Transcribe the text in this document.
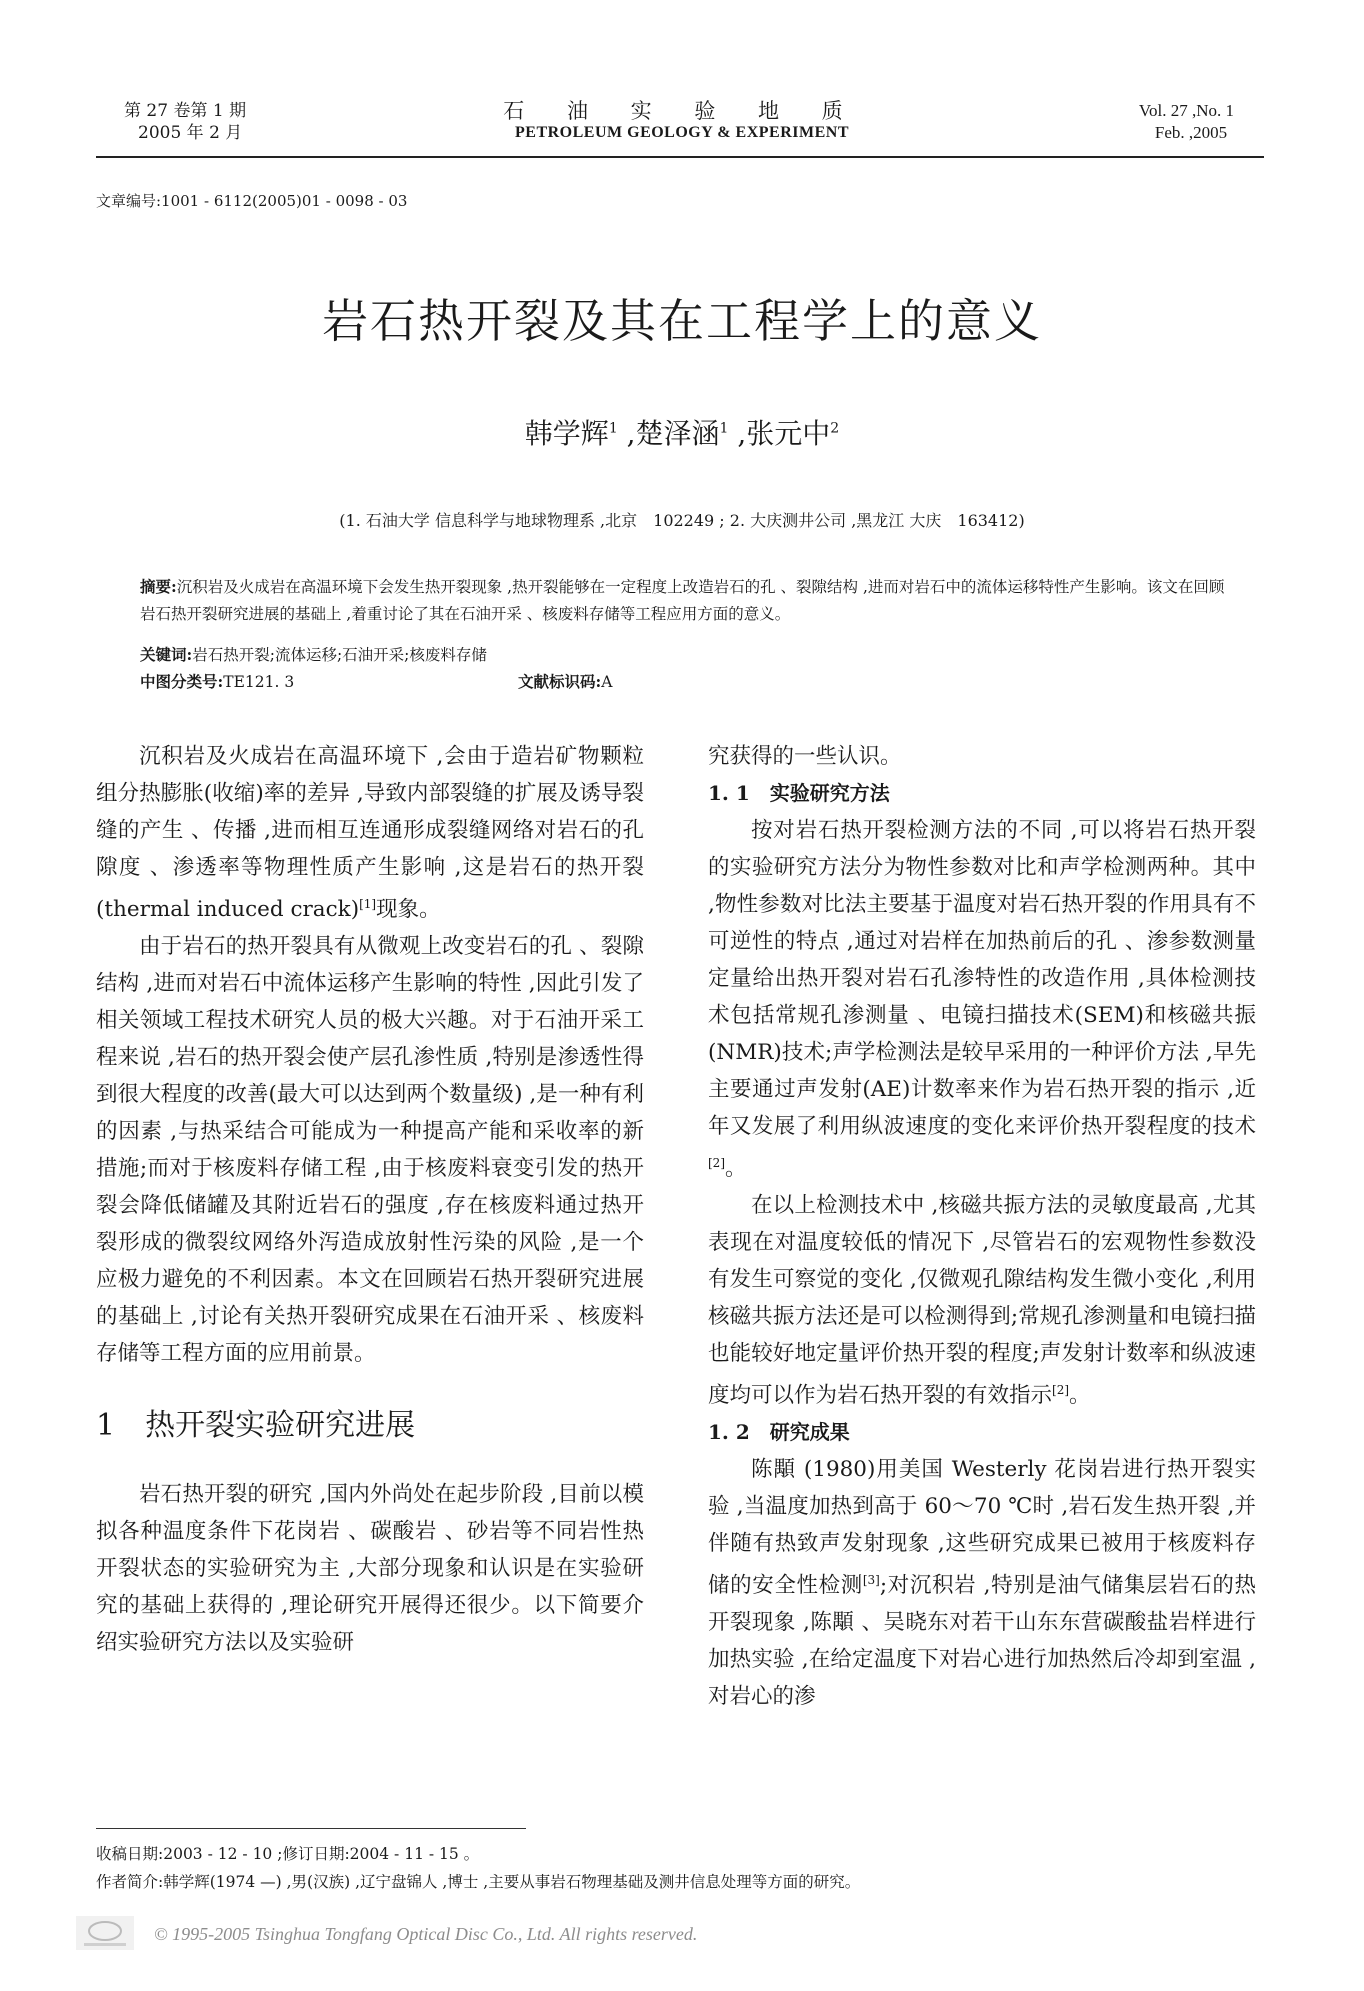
第 27 卷第 1 期
2005 年 2 月
石 油 实 验 地 质
PETROLEUM GEOLOGY & EXPERIMENT
Vol. 27 ,No. 1
Feb. ,2005
文章编号:1001 - 6112(2005)01 - 0098 - 03
岩石热开裂及其在工程学上的意义
韩学辉$^1$ ,楚泽涵$^1$ ,张元中$^2$
(1. 石油大学 信息科学与地球物理系 ,北京　102249 ; 2. 大庆测井公司 ,黑龙江 大庆　163412)
摘要:沉积岩及火成岩在高温环境下会发生热开裂现象 ,热开裂能够在一定程度上改造岩石的孔 、裂隙结构 ,进而对岩石中的流体运移特性产生影响。该文在回顾岩石热开裂研究进展的基础上 ,着重讨论了其在石油开采 、核废料存储等工程应用方面的意义。
关键词:岩石热开裂;流体运移;石油开采;核废料存储
中图分类号:TE121. 3	文献标识码:A

沉积岩及火成岩在高温环境下 ,会由于造岩矿物颗粒组分热膨胀(收缩)率的差异 ,导致内部裂缝的扩展及诱导裂缝的产生 、传播 ,进而相互连通形成裂缝网络对岩石的孔隙度 、渗透率等物理性质产生影响 ,这是岩石的热开裂(thermal induced crack)[1]现象。

由于岩石的热开裂具有从微观上改变岩石的孔 、裂隙结构 ,进而对岩石中流体运移产生影响的特性 ,因此引发了相关领域工程技术研究人员的极大兴趣。对于石油开采工程来说 ,岩石的热开裂会使产层孔渗性质 ,特别是渗透性得到很大程度的改善(最大可以达到两个数量级) ,是一种有利的因素 ,与热采结合可能成为一种提高产能和采收率的新措施;而对于核废料存储工程 ,由于核废料衰变引发的热开裂会降低储罐及其附近岩石的强度 ,存在核废料通过热开裂形成的微裂纹网络外泻造成放射性污染的风险 ,是一个应极力避免的不利因素。本文在回顾岩石热开裂研究进展的基础上 ,讨论有关热开裂研究成果在石油开采 、核废料存储等工程方面的应用前景。

1　热开裂实验研究进展

岩石热开裂的研究 ,国内外尚处在起步阶段 ,目前以模拟各种温度条件下花岗岩 、碳酸岩 、砂岩等不同岩性热开裂状态的实验研究为主 ,大部分现象和认识是在实验研究的基础上获得的 ,理论研究开展得还很少。以下简要介绍实验研究方法以及实验研

究获得的一些认识。

1. 1　实验研究方法

按对岩石热开裂检测方法的不同 ,可以将岩石热开裂的实验研究方法分为物性参数对比和声学检测两种。其中 ,物性参数对比法主要基于温度对岩石热开裂的作用具有不可逆性的特点 ,通过对岩样在加热前后的孔 、渗参数测量定量给出热开裂对岩石孔渗特性的改造作用 ,具体检测技术包括常规孔渗测量 、电镜扫描技术(SEM)和核磁共振(NMR)技术;声学检测法是较早采用的一种评价方法 ,早先主要通过声发射(AE)计数率来作为岩石热开裂的指示 ,近年又发展了利用纵波速度的变化来评价热开裂程度的技术[2]。

在以上检测技术中 ,核磁共振方法的灵敏度最高 ,尤其表现在对温度较低的情况下 ,尽管岩石的宏观物性参数没有发生可察觉的变化 ,仅微观孔隙结构发生微小变化 ,利用核磁共振方法还是可以检测得到;常规孔渗测量和电镜扫描也能较好地定量评价热开裂的程度;声发射计数率和纵波速度均可以作为岩石热开裂的有效指示[2]。

1. 2　研究成果

陈顒 (1980)用美国 Westerly 花岗岩进行热开裂实验 ,当温度加热到高于 60～70 ℃时 ,岩石发生热开裂 ,并伴随有热致声发射现象 ,这些研究成果已被用于核废料存储的安全性检测[3];对沉积岩 ,特别是油气储集层岩石的热开裂现象 ,陈顒 、吴晓东对若干山东东营碳酸盐岩样进行加热实验 ,在给定温度下对岩心进行加热然后冷却到室温 ,对岩心的渗

收稿日期:2003 - 12 - 10 ;修订日期:2004 - 11 - 15 。
作者简介:韩学辉(1974 —) ,男(汉族) ,辽宁盘锦人 ,博士 ,主要从事岩石物理基础及测井信息处理等方面的研究。
© 1995-2005 Tsinghua Tongfang Optical Disc Co., Ltd. All rights reserved.
